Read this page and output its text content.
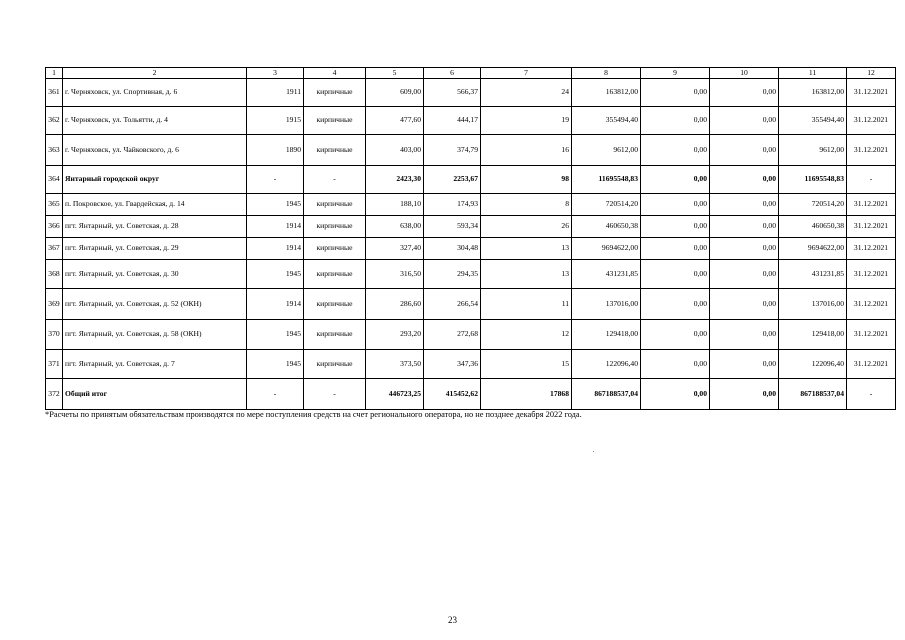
1	2	3	4	5	6	7	8	9	10	11	12
361	г. Черняховск, ул. Спортивная, д. 6	1911	кирпичные	609,00	566,37	24	163812,00	0,00	0,00	163812,00	31.12.2021
362	г. Черняховск, ул. Тольятти, д. 4	1915	кирпичные	477,60	444,17	19	355494,40	0,00	0,00	355494,40	31.12.2021
363	г. Черняховск, ул. Чайковского, д. 6	1890	кирпичные	403,00	374,79	16	9612,00	0,00	0,00	9612,00	31.12.2021
364	Янтарный городской округ	-	-	2423,30	2253,67	98	11695548,83	0,00	0,00	11695548,83	-
365	п. Покровское, ул. Гвардейская, д. 14	1945	кирпичные	188,10	174,93	8	720514,20	0,00	0,00	720514,20	31.12.2021
366	пгт. Янтарный, ул. Советская, д. 28	1914	кирпичные	638,00	593,34	26	460650,38	0,00	0,00	460650,38	31.12.2021
367	пгт. Янтарный, ул. Советская, д. 29	1914	кирпичные	327,40	304,48	13	9694622,00	0,00	0,00	9694622,00	31.12.2021
368	пгт. Янтарный, ул. Советская, д. 30	1945	кирпичные	316,50	294,35	13	431231,85	0,00	0,00	431231,85	31.12.2021
369	пгт. Янтарный, ул. Советская, д. 52 (ОКН)	1914	кирпичные	286,60	266,54	11	137016,00	0,00	0,00	137016,00	31.12.2021
370	пгт. Янтарный, ул. Советская, д. 58 (ОКН)	1945	кирпичные	293,20	272,68	12	129418,00	0,00	0,00	129418,00	31.12.2021
371	пгт. Янтарный, ул. Советская, д. 7	1945	кирпичные	373,50	347,36	15	122096,40	0,00	0,00	122096,40	31.12.2021
372	Общий итог	-	-	446723,25	415452,62	17868	867188537,04	0,00	0,00	867188537,04	-
*Расчеты по принятым обязательствам производятся по мере поступления средств на счет регионального оператора, но не позднее декабря 2022 года.
23
